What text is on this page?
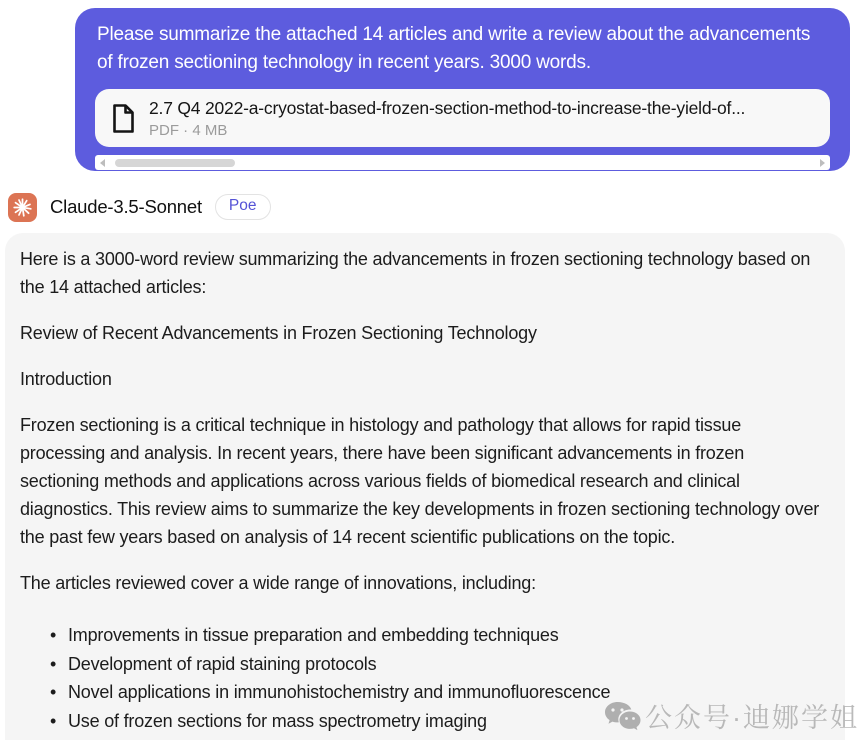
Please summarize the attached 14 articles and write a review about the advancements of frozen sectioning technology in recent years. 3000 words.
2.7 Q4 2022-a-cryostat-based-frozen-section-method-to-increase-the-yield-of...
PDF · 4 MB
Claude-3.5-Sonnet	Poe

Here is a 3000-word review summarizing the advancements in frozen sectioning technology based on the 14 attached articles:

Review of Recent Advancements in Frozen Sectioning Technology

Introduction

Frozen sectioning is a critical technique in histology and pathology that allows for rapid tissue processing and analysis. In recent years, there have been significant advancements in frozen sectioning methods and applications across various fields of biomedical research and clinical diagnostics. This review aims to summarize the key developments in frozen sectioning technology over the past few years based on analysis of 14 recent scientific publications on the topic.

The articles reviewed cover a wide range of innovations, including:

• Improvements in tissue preparation and embedding techniques
• Development of rapid staining protocols
• Novel applications in immunohistochemistry and immunofluorescence
• Use of frozen sections for mass spectrometry imaging	公众号·迪娜学姐
